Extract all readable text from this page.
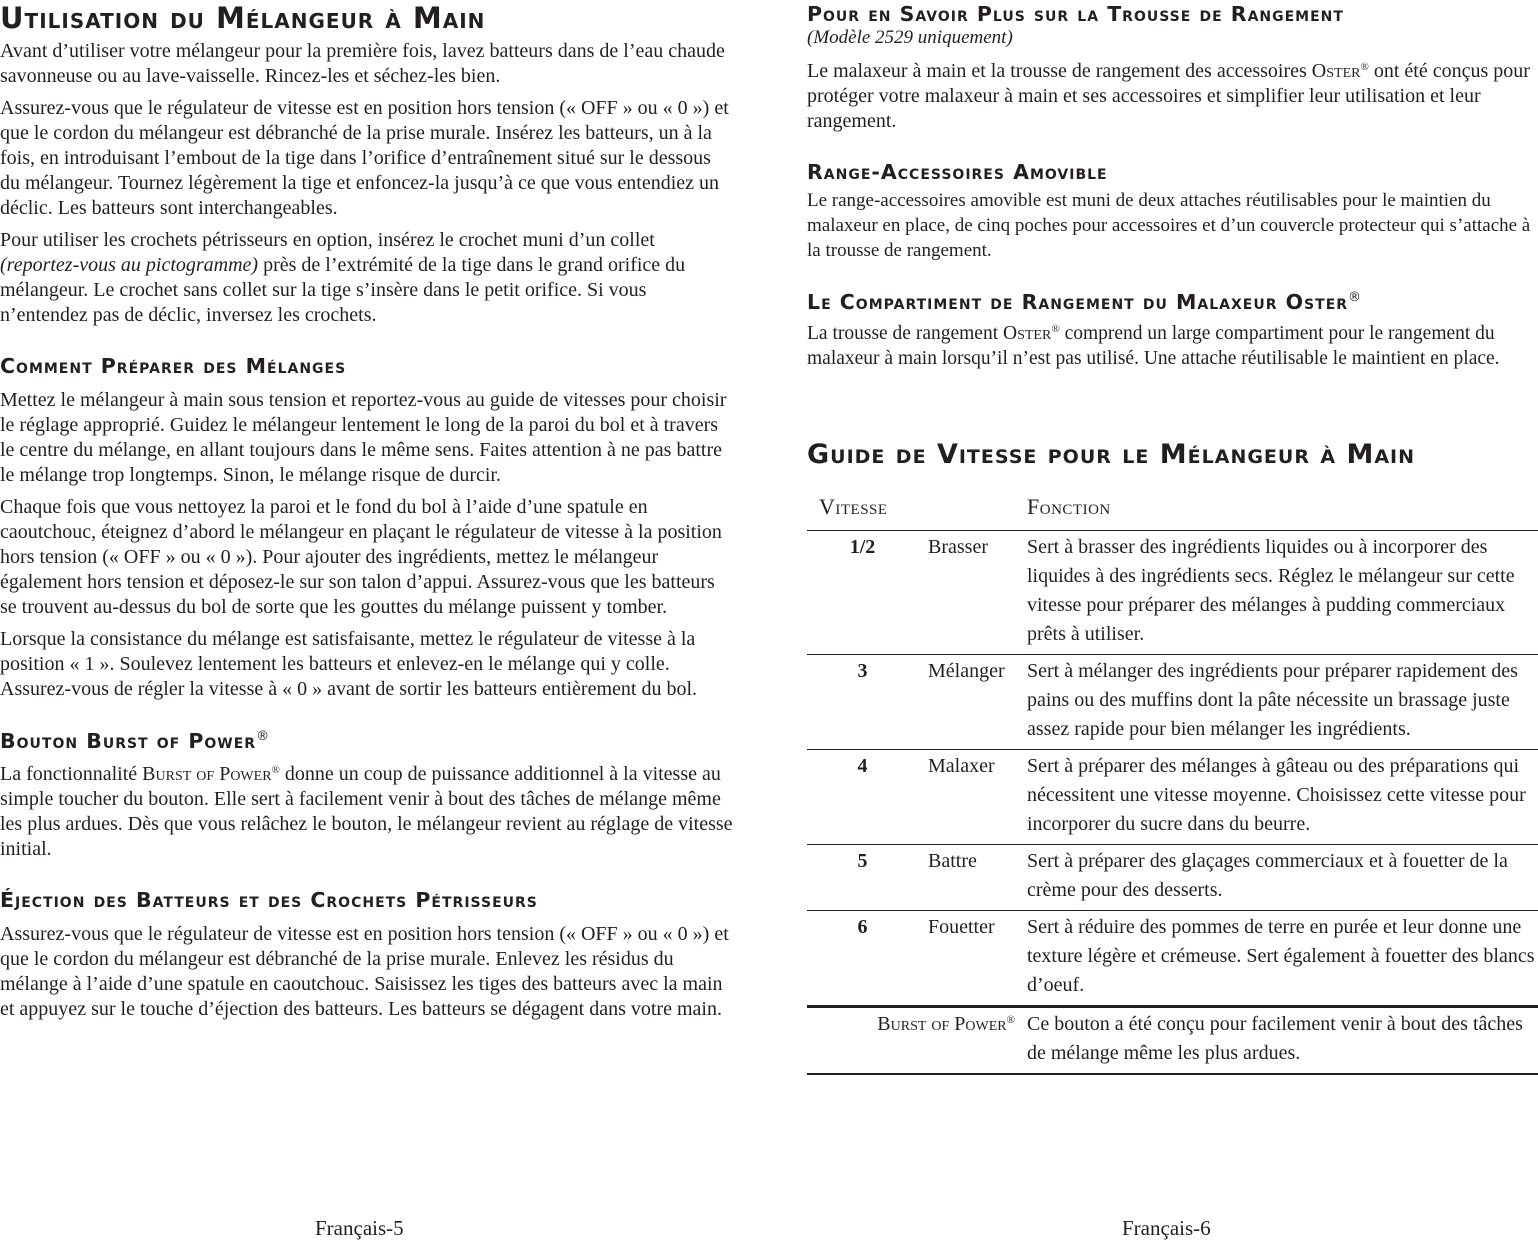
Utilisation du Mélangeur à Main

Avant d’utiliser votre mélangeur pour la première fois, lavez batteurs dans de l’eau chaude savonneuse ou au lave-vaisselle. Rincez-les et séchez-les bien.

Assurez-vous que le régulateur de vitesse est en position hors tension (« OFF » ou « 0 ») et que le cordon du mélangeur est débranché de la prise murale. Insérez les batteurs, un à la fois, en introduisant l’embout de la tige dans l’orifice d’entraînement situé sur le dessous du mélangeur. Tournez légèrement la tige et enfoncez-la jusqu’à ce que vous entendiez un déclic. Les batteurs sont interchangeables.

Pour utiliser les crochets pétrisseurs en option, insérez le crochet muni d’un collet (reportez-vous au pictogramme) près de l’extrémité de la tige dans le grand orifice du mélangeur. Le crochet sans collet sur la tige s’insère dans le petit orifice. Si vous n’entendez pas de déclic, inversez les crochets.

Comment Préparer des Mélanges

Mettez le mélangeur à main sous tension et reportez-vous au guide de vitesses pour choisir le réglage approprié. Guidez le mélangeur lentement le long de la paroi du bol et à travers le centre du mélange, en allant toujours dans le même sens. Faites attention à ne pas battre le mélange trop longtemps. Sinon, le mélange risque de durcir.

Chaque fois que vous nettoyez la paroi et le fond du bol à l’aide d’une spatule en caoutchouc, éteignez d’abord le mélangeur en plaçant le régulateur de vitesse à la position hors tension (« OFF » ou « 0 »). Pour ajouter des ingrédients, mettez le mélangeur également hors tension et déposez-le sur son talon d’appui. Assurez-vous que les batteurs se trouvent au-dessus du bol de sorte que les gouttes du mélange puissent y tomber.

Lorsque la consistance du mélange est satisfaisante, mettez le régulateur de vitesse à la position « 1 ». Soulevez lentement les batteurs et enlevez-en le mélange qui y colle. Assurez-vous de régler la vitesse à « 0 » avant de sortir les batteurs entièrement du bol.

Bouton Burst of Power®

La fonctionnalité Burst of Power® donne un coup de puissance additionnel à la vitesse au simple toucher du bouton. Elle sert à facilement venir à bout des tâches de mélange même les plus ardues. Dès que vous relâchez le bouton, le mélangeur revient au réglage de vitesse initial.

Éjection des Batteurs et des Crochets Pétrisseurs

Assurez-vous que le régulateur de vitesse est en position hors tension (« OFF » ou « 0 ») et que le cordon du mélangeur est débranché de la prise murale. Enlevez les résidus du mélange à l’aide d’une spatule en caoutchouc. Saisissez les tiges des batteurs avec la main et appuyez sur le touche d’éjection des batteurs. Les batteurs se dégagent dans votre main.

Français-5
Pour en Savoir Plus sur la Trousse de Rangement

(Modèle 2529 uniquement)

Le malaxeur à main et la trousse de rangement des accessoires Oster® ont été conçus pour protéger votre malaxeur à main et ses accessoires et simplifier leur utilisation et leur rangement.

Range-Accessoires Amovible

Le range-accessoires amovible est muni de deux attaches réutilisables pour le maintien du malaxeur en place, de cinq poches pour accessoires et d’un couvercle protecteur qui s’attache à la trousse de rangement.

Le Compartiment de Rangement du Malaxeur Oster®

La trousse de rangement Oster® comprend un large compartiment pour le rangement du malaxeur à main lorsqu’il n’est pas utilisé. Une attache réutilisable le maintient en place.

Guide de Vitesse pour le Mélangeur à Main
Vitesse		Fonction
1/2	Brasser	Sert à brasser des ingrédients liquides ou à incorporer des liquides à des ingrédients secs. Réglez le mélangeur sur cette vitesse pour préparer des mélanges à pudding commerciaux prêts à utiliser.
3	Mélanger	Sert à mélanger des ingrédients pour préparer rapidement des pains ou des muffins dont la pâte nécessite un brassage juste assez rapide pour bien mélanger les ingrédients.
4	Malaxer	Sert à préparer des mélanges à gâteau ou des préparations qui nécessitent une vitesse moyenne. Choisissez cette vitesse pour incorporer du sucre dans du beurre.
5	Battre	Sert à préparer des glaçages commerciaux et à fouetter de la crème pour des desserts.
6	Fouetter	Sert à réduire des pommes de terre en purée et leur donne une texture légère et crémeuse. Sert également à fouetter des blancs d’oeuf.
Burst of Power®		Ce bouton a été conçu pour facilement venir à bout des tâches de mélange même les plus ardues.
Français-6
